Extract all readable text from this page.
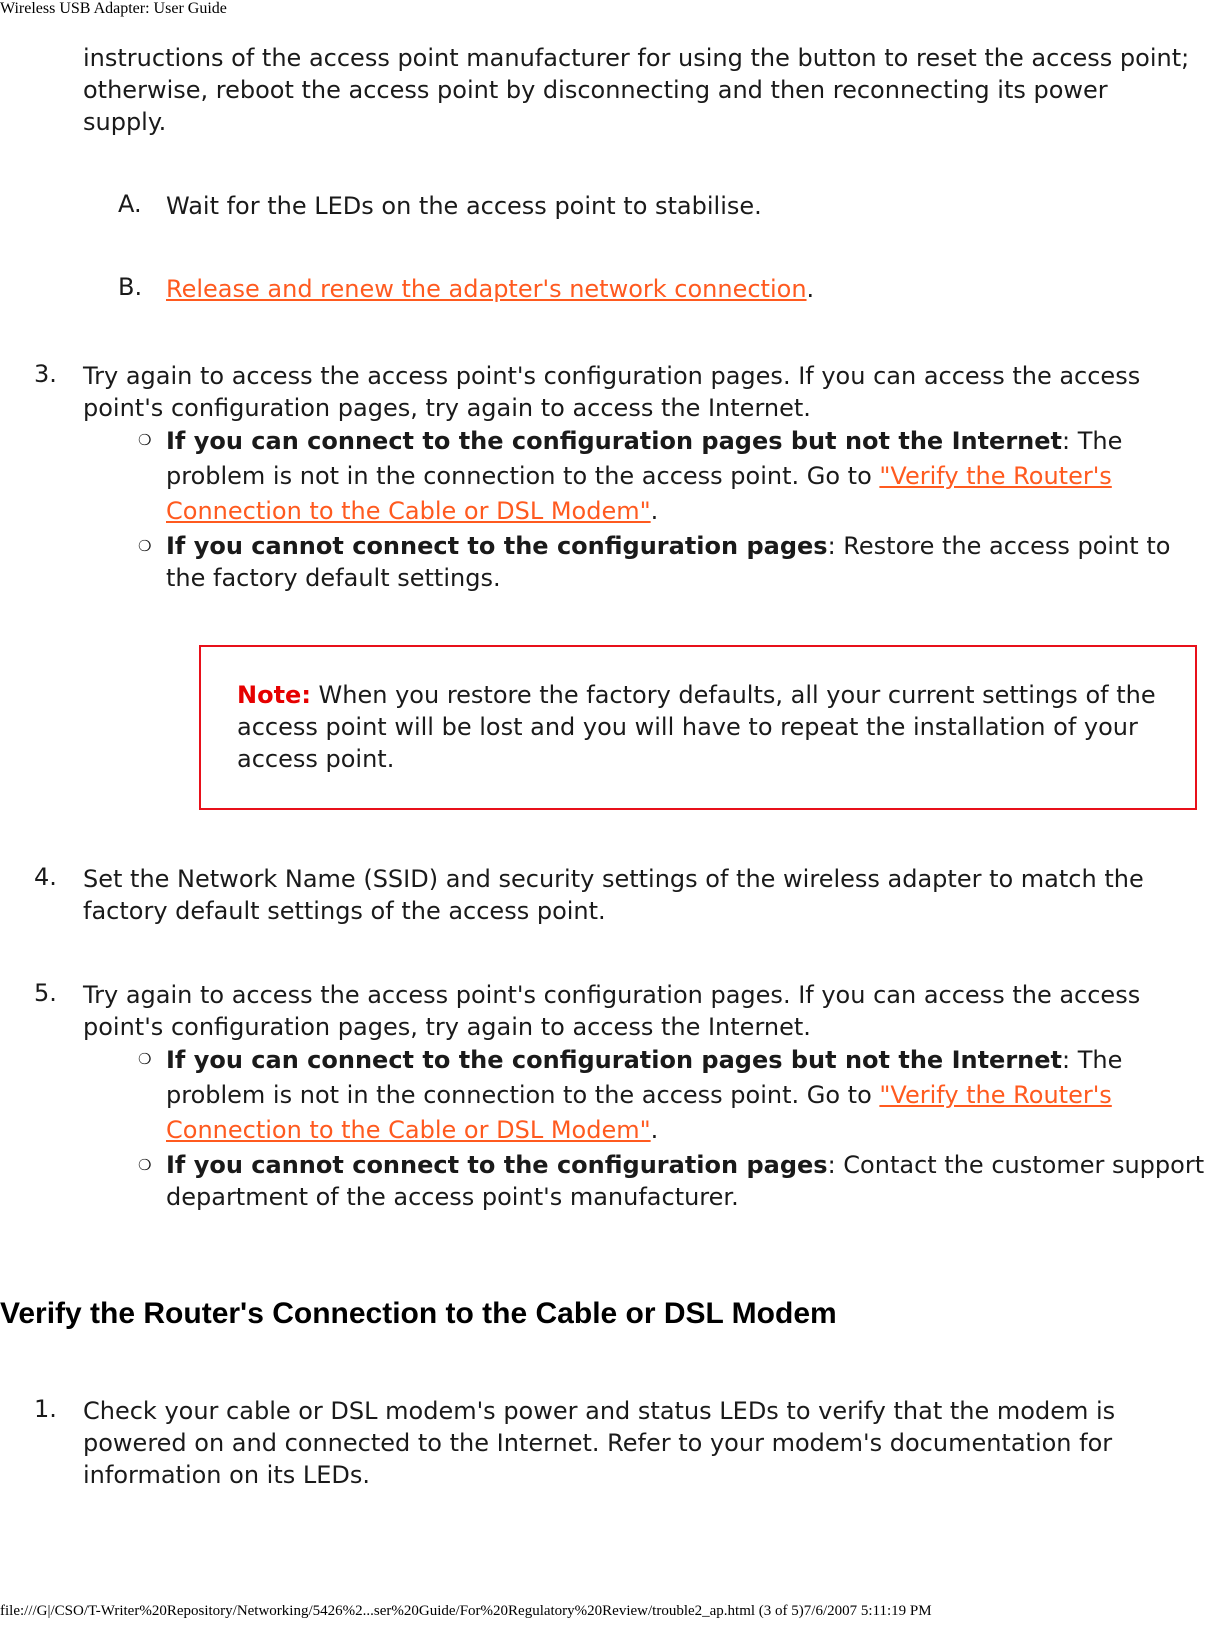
Wireless USB Adapter: User Guide
instructions of the access point manufacturer for using the button to reset the access point; otherwise, reboot the access point by disconnecting and then reconnecting its power supply.
A. Wait for the LEDs on the access point to stabilise.
B. Release and renew the adapter's network connection.
3. Try again to access the access point's configuration pages. If you can access the access point's configuration pages, try again to access the Internet.
❍ If you can connect to the configuration pages but not the Internet: The problem is not in the connection to the access point. Go to "Verify the Router's Connection to the Cable or DSL Modem".
❍ If you cannot connect to the configuration pages: Restore the access point to the factory default settings.
Note: When you restore the factory defaults, all your current settings of the access point will be lost and you will have to repeat the installation of your access point.
4. Set the Network Name (SSID) and security settings of the wireless adapter to match the factory default settings of the access point.
5. Try again to access the access point's configuration pages. If you can access the access point's configuration pages, try again to access the Internet.
❍ If you can connect to the configuration pages but not the Internet: The problem is not in the connection to the access point. Go to "Verify the Router's Connection to the Cable or DSL Modem".
❍ If you cannot connect to the configuration pages: Contact the customer support department of the access point's manufacturer.
Verify the Router's Connection to the Cable or DSL Modem
1. Check your cable or DSL modem's power and status LEDs to verify that the modem is powered on and connected to the Internet. Refer to your modem's documentation for information on its LEDs.
file:///G|/CSO/T-Writer%20Repository/Networking/5426%2...ser%20Guide/For%20Regulatory%20Review/trouble2_ap.html (3 of 5)7/6/2007 5:11:19 PM
